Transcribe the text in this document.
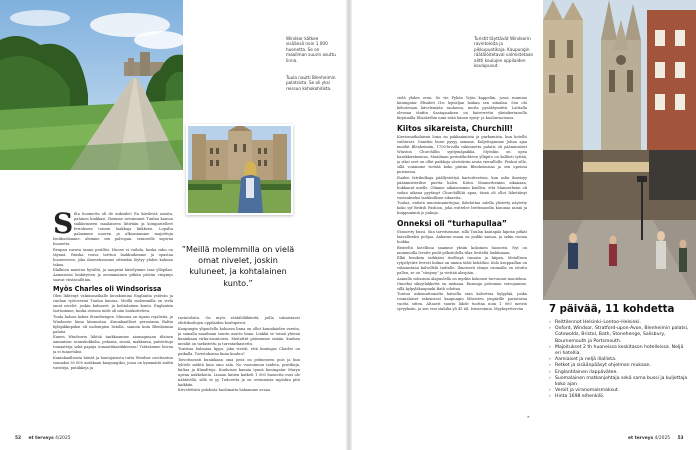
Windsor kätkee sisäänsä noin 1 000 huonetta. Se on maailman suurin asuttu linna.
Tuula nautti Blenheimin palatsista. Se oli yksi reissun kohokohdista.
S ilta huomettu oli de miksidei! En kiivileviä asioita, pahinen kiukkasi. Ihemme nevaimmet Tuulan kanssa saikkeinseen maalaiseen liitirtäin ja kompastelleet ferrokseni toisem laakkuja kiikkeen. Lopulta palaamme nuoren ja ulkoasiamme majoittuja lentikselämme, alemme sen palvopan, seniorelle sopivaa huonetta.

Reupan ruvava tanna perillisi. Huone ei vaihda, koska raku on täynnä. Riuska rouva tarttuu laukkuihimme ja opastaa huoneeseen, joka ilmeseksomme sittenkin löytyy yhden kulman takaa.

Illallinen maistuu hyvältä, ja nauprint kävelymme taas yllöpilan. Aamuisesn lenkitysten ja ensimmäisen pitkän päivän väsymys saavat viistäsullitäin.

Myös Charles oli Windsorissa

Olen lähtenyt valmismatkalle kuvakumina Englantia ystävän ja vanhan työtoverini Tuulan kanssa. Meillä molemmilla on vielä omat nivelet, joskin kuluneet, ja kohtalainen kunto. Englantiin tarttuimme, koska reissun mitti oli niin houkutteleva.

Tuula halusa kokea Stonehengen. Minussa on ripaus rojalistia, ja Windsorin linna kiinnostaa. Kuninkaalliset perustama Baltin kyläpikkupuksi oli molempien listalla, samoin kuin Blenheimin palatsi.

Ennen Windsorin lähtöä tankkaamme aiomaginaan tilaisen aamiaisen: munakokkelia, pekonia, sieniä, makkaraa, paistettuja tomaatteja sekä papuja tomaattikastikkeessa! Ystävämme hiivaa ja ei tunnetuksi.

Kuninkaallisista häistä ja hautajaisista tuttu Windsor osoittautuu sonnaksi 30 000 asukkaan kaupungiksi, jossa on kymmäitä mättä turisteja, putiikkeja ja

”Meillä molemmilla on vielä omat nivelet, joskin kuluneet, ja kohtalainen kunto.”

ravintoloita. On myös räätälöliikkeitä, joilla valmistavat eliittikoulujen oppilaiden koulupuvut.

Kaupungin ylipuolella kohoava linna on ollut kuninkaiden varsiin, ja samalla maailman suurin asuttu linna. Linkkä se toimii yhtenä kuninkaan virka-asuntoista. Meitattiit pääsemme sisään, kunhan meidät on tarkistettu ja turvatarkastettu.

Turistua hulmuaa lippu, joka viestii, että kuningas Charles on paikalla. Turistuksissa linna kuuluu?

Toivottavasti kuninkaan oma pesä on pelmeneen pois ja kun lyhtele mähtä kuin oma sala. No vuoroinnon taideta, postilinja, kultaa ja filmaltteja. Kuuluissa kunnia tynnä kuningatar Maryn upean nukkekotin. Linnan kätien katkelt 1 000 huonetta ovat ole nähtävillä, sillä se yy Tudoretta ja on ovemmista myöskin pitä kaikkiin.

Kirvelettävä pohdinta huolimatta halaamme avaaa

Turistit täyttävät Windsorin ravintoloita ja pikkupuotikaja. Kaupungin räätälöitetaval valmistetaan alitti koulujen oppilaiden koulupuvut.

vielä yhden oven. Se vie Pyhän Yrjön kappeliin, jossa ruumme kuningatar Elisabet II:n lepoaljan laukau sen aitaalan. Sen ohi kehotetaan kävelemään rauhassa, mutta pysähtymättä. Lattialla olevaan täufiin Saatapaaksen on kaiverrettu yksinkertaisella kirjaimilla Elisabethin nimi sekä hänen synty- ja kuolinvuotensa.

Kiitos sikareista, Churchill!

Kiertomatkalaisen loma on pakkaannista ja purkamista, kun hotellit vaihtuvat. Onneksi bussi pysyy samana. Kuljettajamme Johan ajaa meidät Blenheimiin, 1700-luvulla rakennettu palatsi oli pääministeri Winston Churchillin syntymäpaikka. Myöskin on upea barokkirakennus, Maailman perintökohteen ylläpito on kalliisti tyttää, ja siksi ovet on ollut paikkoja sävistävän avata vieraillulle. Peukut sille, sillä voinimme viettää koko päivän Blenheimissa ja sen upeissa puistoissa.

Ihailen fetrikulkaja päällystettyä kartoitteetisia, kun aslin ilmeisyy pääministerilise puetta halen. Kiitos Mannerheimin aikanaan, hukkunut mielle. Olimme aikaisemmin kuullen, että Mannerheim oli sodan aikana pyytänyt Churchilliltä apua, tämä oli ollut lähettänyt vastaukseksi laatikollisen sikareita.

Tuulaa, entistä muotoinminttejaa, ilahduttaa salella ylistetty näytetty koko syf British Fashion, joka esittelee brittimuodin kuuunia nimiä ja huippunimiä jo pukuja.

Onneksi oli “turhapullaa”

Stonsetty bussi. Siin tarvitsemme, sillä Tuulan kantapää kipeän pitkät laavalliseksi pohjaa. Ankaran maan on poikki samoa, ja sekin rooma hoikka.

Brixteltä hotellissa saamme yksiin kokoinen huoneen. Nyt on mummoilla levoite pudit pöksitolella tilaa leviteltä laukkuiaan.

Illkä beniksin tarkkäisi itsellisyä tunnisa ja kiipan. Metallisen rytpelyviite levivät kulma on umma tähti kehältini. Kolo kruppaillan on valmiastaan kalvellelä taittalle. Ilmeisesti tämyn ruumalla on istuttu pallen, se on “vänymy” ja viettää alaspäin.

Aamulla sohssium alapuolella on myrkin kokonen turvonnut muotelma. Onneksi siksytlakkettä on mukana. Ensmaja potennan vatvojamme, sillä kylpyläkaupunki Bath odottaa.

Tuntuu uskomattomalta katsella enin kalvettua kylpylää, jonka roomalaiset rakensivat kaupungin läheisten ympärille pariutarna vuotta sitten. Altaavit suurin lähde tuottaa noin 1 000 metrin syvyyksiin, ja sen vesi stahilia yli 45 täl. Ivmavoimia. Myyksyettervän

»
7 päivää, 11 kohdetta
› Reittilennot Helsinki–Lontoo–Helsinki.
› Oxford, Windsor, Stratford-upon-Avon, Blenheimin palatsi, Cotswolds, Bristol, Bath, Stonehenge, Salisbury, Bournemouth ja Portsmouth.
› Majoitukset 2 th huoneissa keskitason hotelleissa. Neljä eri hotellia.
› Aamiaiset ja neljä illallista.
› Retket ja sisäänpääsyt ohjelman mukaan.
› Englantilainen ilappävätee.
› Suomalainen matkanjohtaja sekä sama bussi ja kuljettaja koko ajan
› Veroit ja viranomaismaksut.
› Hinta 1698 e/henkilö.
52 et terveys 4/2025	et terveys 4/2025 53
